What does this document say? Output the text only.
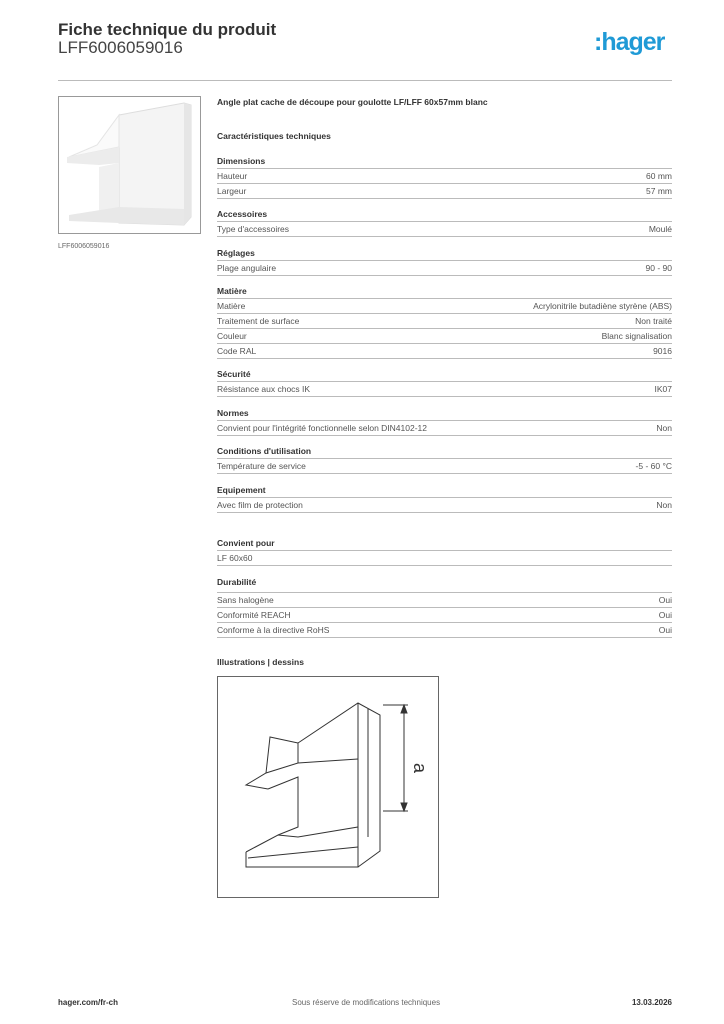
Fiche technique du produit
LFF6006059016	:hager
LFF6006059016
Angle plat cache de découpe pour goulotte LF/LFF 60x57mm blanc
Caractéristiques techniques
Dimensions
Hauteur	60 mm
Largeur	57 mm
Accessoires
Type d'accessoires	Moulé
Réglages
Plage angulaire	90 - 90
Matière
Matière	Acrylonitrile butadiène styrène (ABS)
Traitement de surface	Non traité
Couleur	Blanc signalisation
Code RAL	9016
Sécurité
Résistance aux chocs IK	IK07
Normes
Convient pour l'intégrité fonctionnelle selon DIN4102-12	Non
Conditions d'utilisation
Température de service	-5 - 60 °C
Equipement
Avec film de protection	Non
Convient pour
LF 60x60
Durabilité
Sans halogène	Oui
Conformité REACH	Oui
Conforme à la directive RoHS	Oui
Illustrations | dessins
a
hager.com/fr-ch	Sous réserve de modifications techniques	13.03.2026
